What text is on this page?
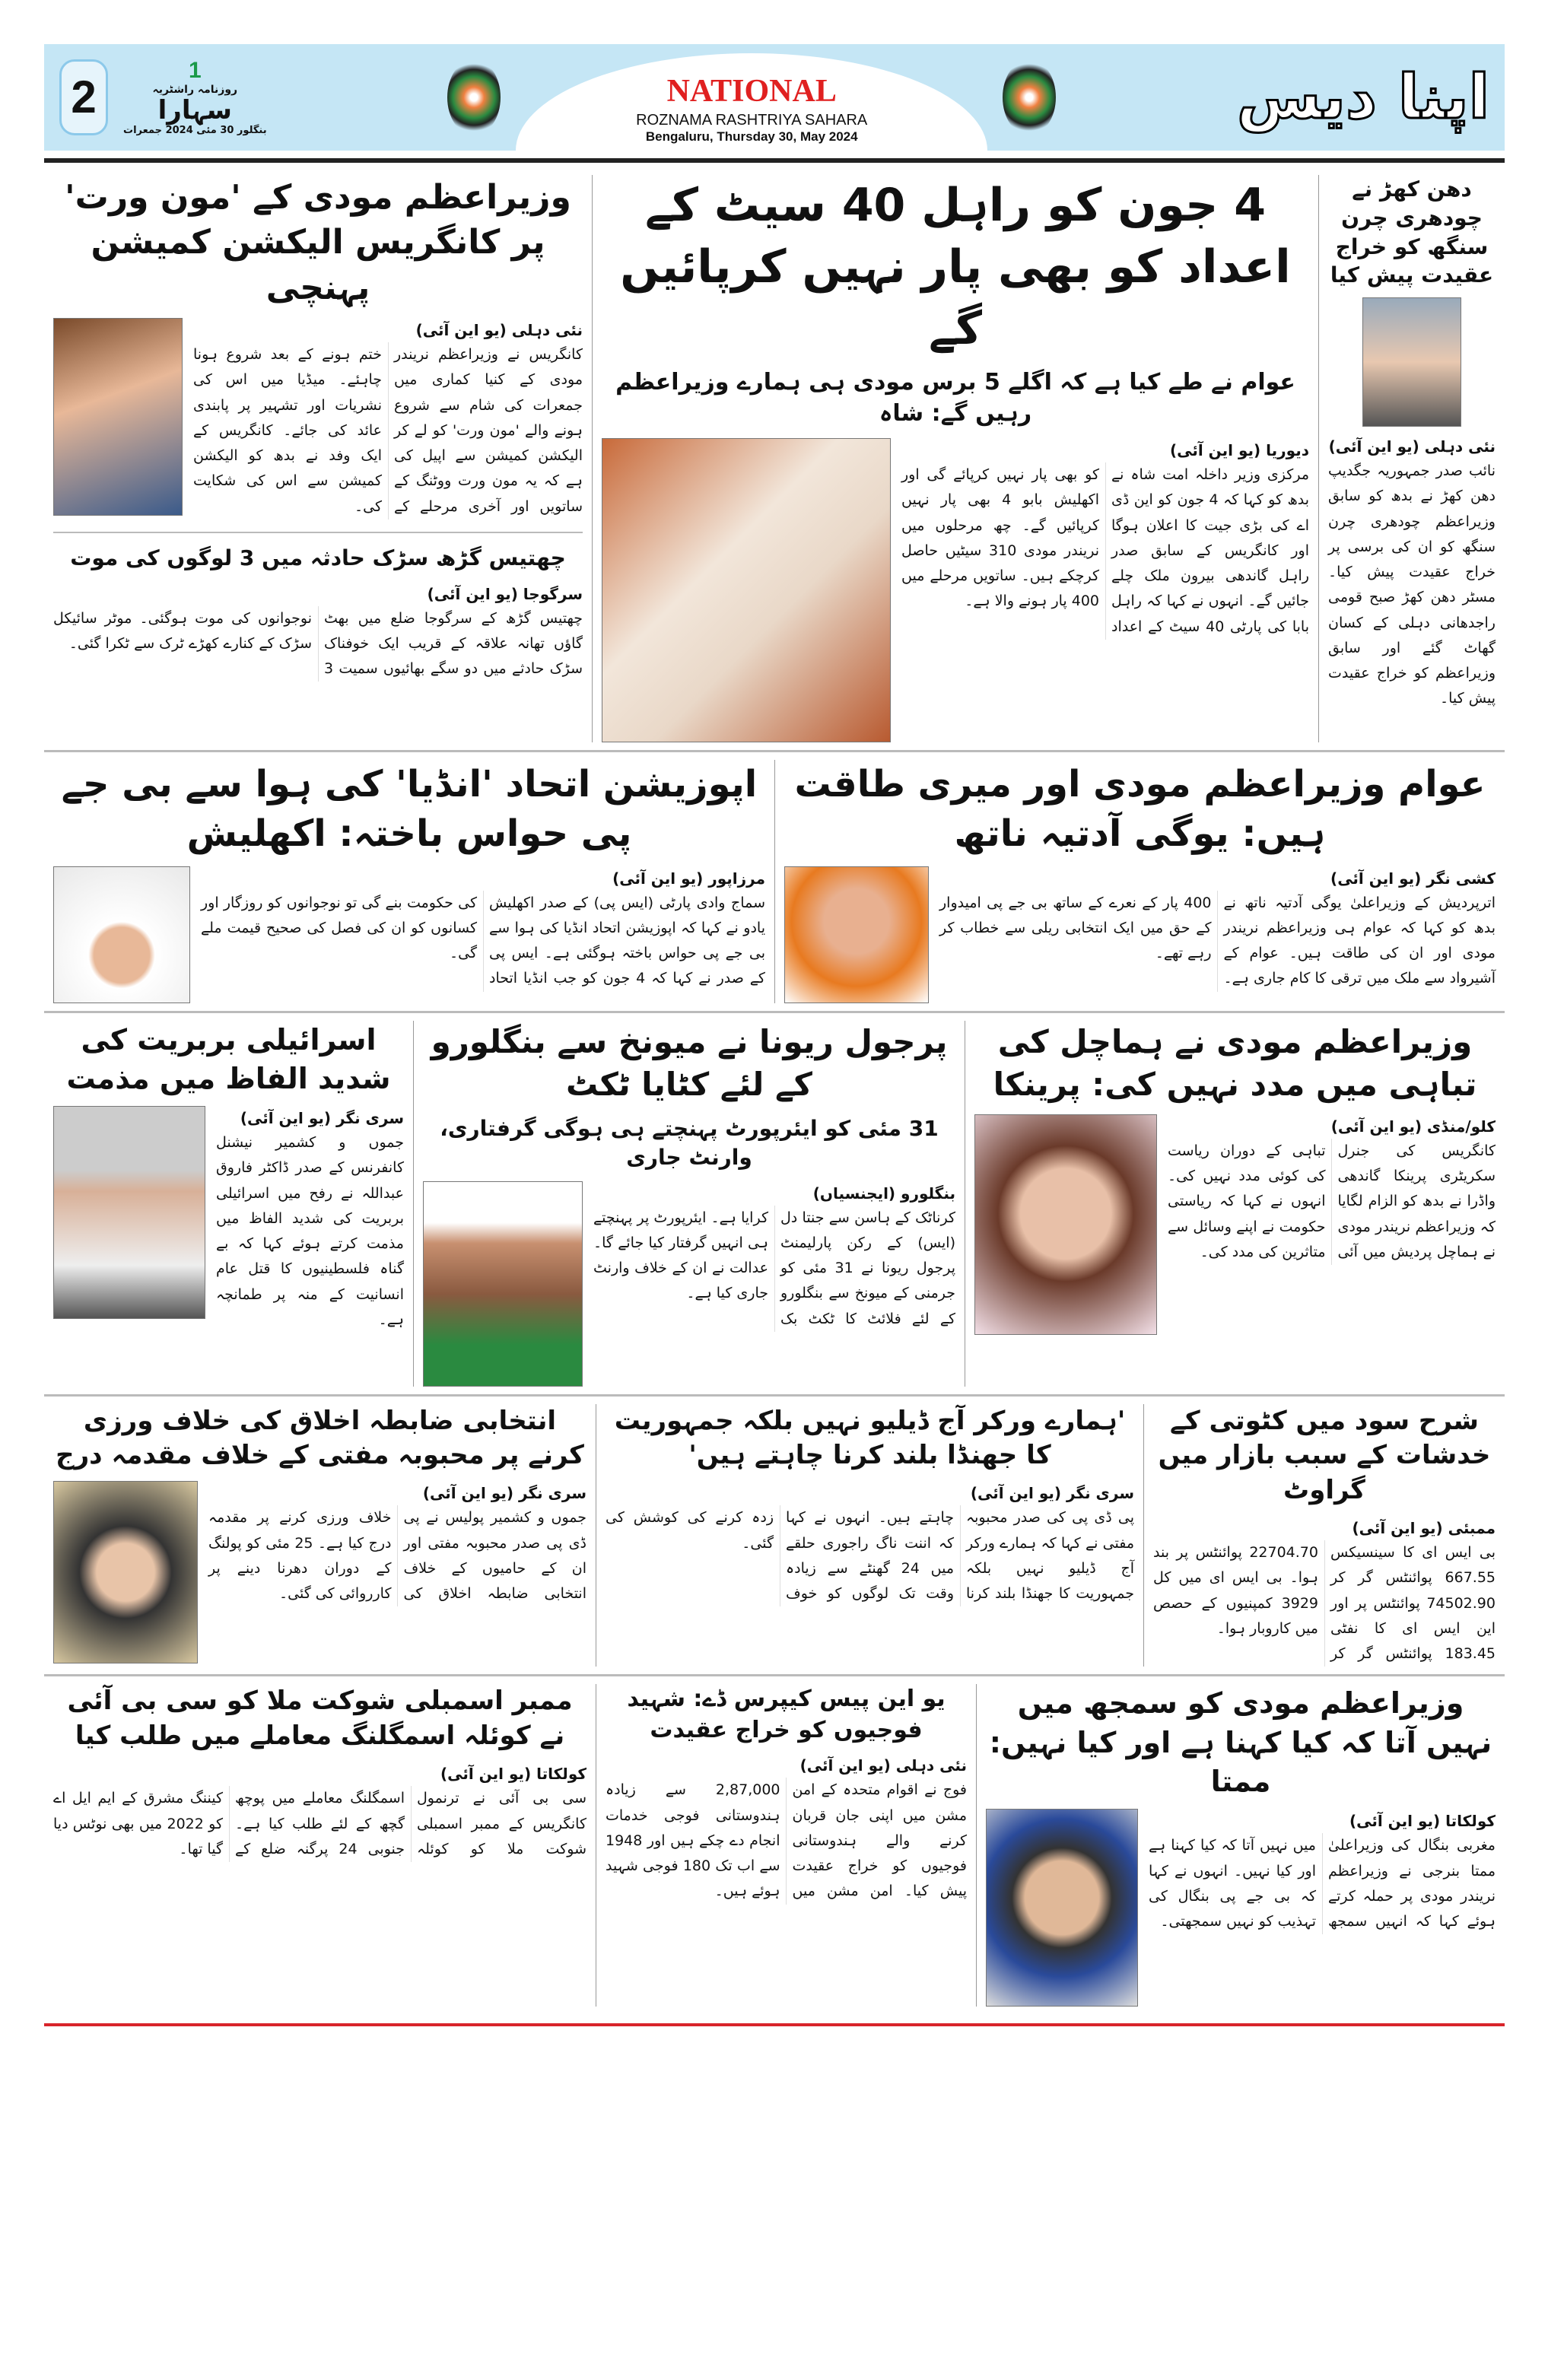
2
1
روزنامہ راشٹریہ
سہارا
بنگلور 30 مئی 2024 جمعرات
NATIONAL
ROZNAMA RASHTRIYA SAHARA
Bengaluru, Thursday 30, May 2024
اپنا دیس
دھن کھڑ نے چودھری چرن سنگھ کو خراج عقیدت پیش کیا
نئی دہلی (یو این آئی)
نائب صدر جمہوریہ جگدیپ دھن کھڑ نے بدھ کو سابق وزیراعظم چودھری چرن سنگھ کو ان کی برسی پر خراج عقیدت پیش کیا۔ مسٹر دھن کھڑ صبح قومی راجدھانی دہلی کے کسان گھاٹ گئے اور سابق وزیراعظم کو خراج عقیدت پیش کیا۔
4 جون کو راہل 40 سیٹ کے اعداد کو بھی پار نہیں کرپائیں گے
عوام نے طے کیا ہے کہ اگلے 5 برس مودی ہی ہمارے وزیراعظم رہیں گے: شاہ
دیوریا (یو این آئی)
مرکزی وزیر داخلہ امت شاہ نے بدھ کو کہا کہ 4 جون کو این ڈی اے کی بڑی جیت کا اعلان ہوگا اور کانگریس کے سابق صدر راہل گاندھی بیرون ملک چلے جائیں گے۔ انہوں نے کہا کہ راہل بابا کی پارٹی 40 سیٹ کے اعداد کو بھی پار نہیں کرپائے گی اور اکھلیش بابو 4 بھی پار نہیں کرپائیں گے۔ چھ مرحلوں میں نریندر مودی 310 سیٹیں حاصل کرچکے ہیں۔ ساتویں مرحلے میں 400 پار ہونے والا ہے۔
وزیراعظم مودی کے 'مون ورت' پر کانگریس الیکشن کمیشن پہنچی
نئی دہلی (یو این آئی)
کانگریس نے وزیراعظم نریندر مودی کے کنیا کماری میں جمعرات کی شام سے شروع ہونے والے 'مون ورت' کو لے کر الیکشن کمیشن سے اپیل کی ہے کہ یہ مون ورت ووٹنگ کے ساتویں اور آخری مرحلے کے ختم ہونے کے بعد شروع ہونا چاہئے۔ میڈیا میں اس کی نشریات اور تشہیر پر پابندی عائد کی جائے۔ کانگریس کے ایک وفد نے بدھ کو الیکشن کمیشن سے اس کی شکایت کی۔
چھتیس گڑھ سڑک حادثہ میں 3 لوگوں کی موت
سرگوجا (یو این آئی)
چھتیس گڑھ کے سرگوجا ضلع میں بھٹ گاؤں تھانہ علاقہ کے قریب ایک خوفناک سڑک حادثے میں دو سگے بھائیوں سمیت 3 نوجوانوں کی موت ہوگئی۔ موٹر سائیکل سڑک کے کنارے کھڑے ٹرک سے ٹکرا گئی۔
عوام وزیراعظم مودی اور میری طاقت ہیں: یوگی آدتیہ ناتھ
کشی نگر (یو این آئی)
اترپردیش کے وزیراعلیٰ یوگی آدتیہ ناتھ نے بدھ کو کہا کہ عوام ہی وزیراعظم نریندر مودی اور ان کی طاقت ہیں۔ عوام کے آشیرواد سے ملک میں ترقی کا کام جاری ہے۔ 400 پار کے نعرے کے ساتھ بی جے پی امیدوار کے حق میں ایک انتخابی ریلی سے خطاب کر رہے تھے۔
اپوزیشن اتحاد 'انڈیا' کی ہوا سے بی جے پی حواس باختہ: اکھلیش
مرزاپور (یو این آئی)
سماج وادی پارٹی (ایس پی) کے صدر اکھلیش یادو نے کہا کہ اپوزیشن اتحاد انڈیا کی ہوا سے بی جے پی حواس باختہ ہوگئی ہے۔ ایس پی کے صدر نے کہا کہ 4 جون کو جب انڈیا اتحاد کی حکومت بنے گی تو نوجوانوں کو روزگار اور کسانوں کو ان کی فصل کی صحیح قیمت ملے گی۔
وزیراعظم مودی نے ہماچل کی تباہی میں مدد نہیں کی: پرینکا
کلو/منڈی (یو این آئی)
کانگریس کی جنرل سکریٹری پرینکا گاندھی واڈرا نے بدھ کو الزام لگایا کہ وزیراعظم نریندر مودی نے ہماچل پردیش میں آئی تباہی کے دوران ریاست کی کوئی مدد نہیں کی۔ انہوں نے کہا کہ ریاستی حکومت نے اپنے وسائل سے متاثرین کی مدد کی۔
پرجول ریونا نے میونخ سے بنگلورو کے لئے کٹایا ٹکٹ
31 مئی کو ایئرپورٹ پہنچتے ہی ہوگی گرفتاری، وارنٹ جاری
بنگلورو (ایجنسیاں)
کرناٹک کے ہاسن سے جنتا دل (ایس) کے رکن پارلیمنٹ پرجول ریونا نے 31 مئی کو جرمنی کے میونخ سے بنگلورو کے لئے فلائٹ کا ٹکٹ بک کرایا ہے۔ ایئرپورٹ پر پہنچتے ہی انہیں گرفتار کیا جائے گا۔ عدالت نے ان کے خلاف وارنٹ جاری کیا ہے۔
اسرائیلی بربریت کی شدید الفاظ میں مذمت
سری نگر (یو این آئی)
جموں و کشمیر نیشنل کانفرنس کے صدر ڈاکٹر فاروق عبداللہ نے رفح میں اسرائیلی بربریت کی شدید الفاظ میں مذمت کرتے ہوئے کہا کہ بے گناہ فلسطینیوں کا قتل عام انسانیت کے منہ پر طمانچہ ہے۔
شرح سود میں کٹوتی کے خدشات کے سبب بازار میں گراوٹ
ممبئی (یو این آئی)
بی ایس ای کا سینسیکس 667.55 پوائنٹس گر کر 74502.90 پوائنٹس پر اور این ایس ای کا نفٹی 183.45 پوائنٹس گر کر 22704.70 پوائنٹس پر بند ہوا۔ بی ایس ای میں کل 3929 کمپنیوں کے حصص میں کاروبار ہوا۔
'ہمارے ورکر آج ڈیلیو نہیں بلکہ جمہوریت کا جھنڈا بلند کرنا چاہتے ہیں'
سری نگر (یو این آئی)
پی ڈی پی کی صدر محبوبہ مفتی نے کہا کہ ہمارے ورکر آج ڈیلیو نہیں بلکہ جمہوریت کا جھنڈا بلند کرنا چاہتے ہیں۔ انہوں نے کہا کہ اننت ناگ راجوری حلقے میں 24 گھنٹے سے زیادہ وقت تک لوگوں کو خوف زدہ کرنے کی کوشش کی گئی۔
انتخابی ضابطہ اخلاق کی خلاف ورزی کرنے پر محبوبہ مفتی کے خلاف مقدمہ درج
سری نگر (یو این آئی)
جموں و کشمیر پولیس نے پی ڈی پی صدر محبوبہ مفتی اور ان کے حامیوں کے خلاف انتخابی ضابطہ اخلاق کی خلاف ورزی کرنے پر مقدمہ درج کیا ہے۔ 25 مئی کو پولنگ کے دوران دھرنا دینے پر کارروائی کی گئی۔
وزیراعظم مودی کو سمجھ میں نہیں آتا کہ کیا کہنا ہے اور کیا نہیں: ممتا
کولکاتا (یو این آئی)
مغربی بنگال کی وزیراعلیٰ ممتا بنرجی نے وزیراعظم نریندر مودی پر حملہ کرتے ہوئے کہا کہ انہیں سمجھ میں نہیں آتا کہ کیا کہنا ہے اور کیا نہیں۔ انہوں نے کہا کہ بی جے پی بنگال کی تہذیب کو نہیں سمجھتی۔
یو این پیس کیپرس ڈے: شہید فوجیوں کو خراج عقیدت
نئی دہلی (یو این آئی)
فوج نے اقوام متحدہ کے امن مشن میں اپنی جان قربان کرنے والے ہندوستانی فوجیوں کو خراج عقیدت پیش کیا۔ امن مشن میں 2,87,000 سے زیادہ ہندوستانی فوجی خدمات انجام دے چکے ہیں اور 1948 سے اب تک 180 فوجی شہید ہوئے ہیں۔
ممبر اسمبلی شوکت ملا کو سی بی آئی نے کوئلہ اسمگلنگ معاملے میں طلب کیا
کولکاتا (یو این آئی)
سی بی آئی نے ترنمول کانگریس کے ممبر اسمبلی شوکت ملا کو کوئلہ اسمگلنگ معاملے میں پوچھ گچھ کے لئے طلب کیا ہے۔ جنوبی 24 پرگنہ ضلع کے کیننگ مشرق کے ایم ایل اے کو 2022 میں بھی نوٹس دیا گیا تھا۔
